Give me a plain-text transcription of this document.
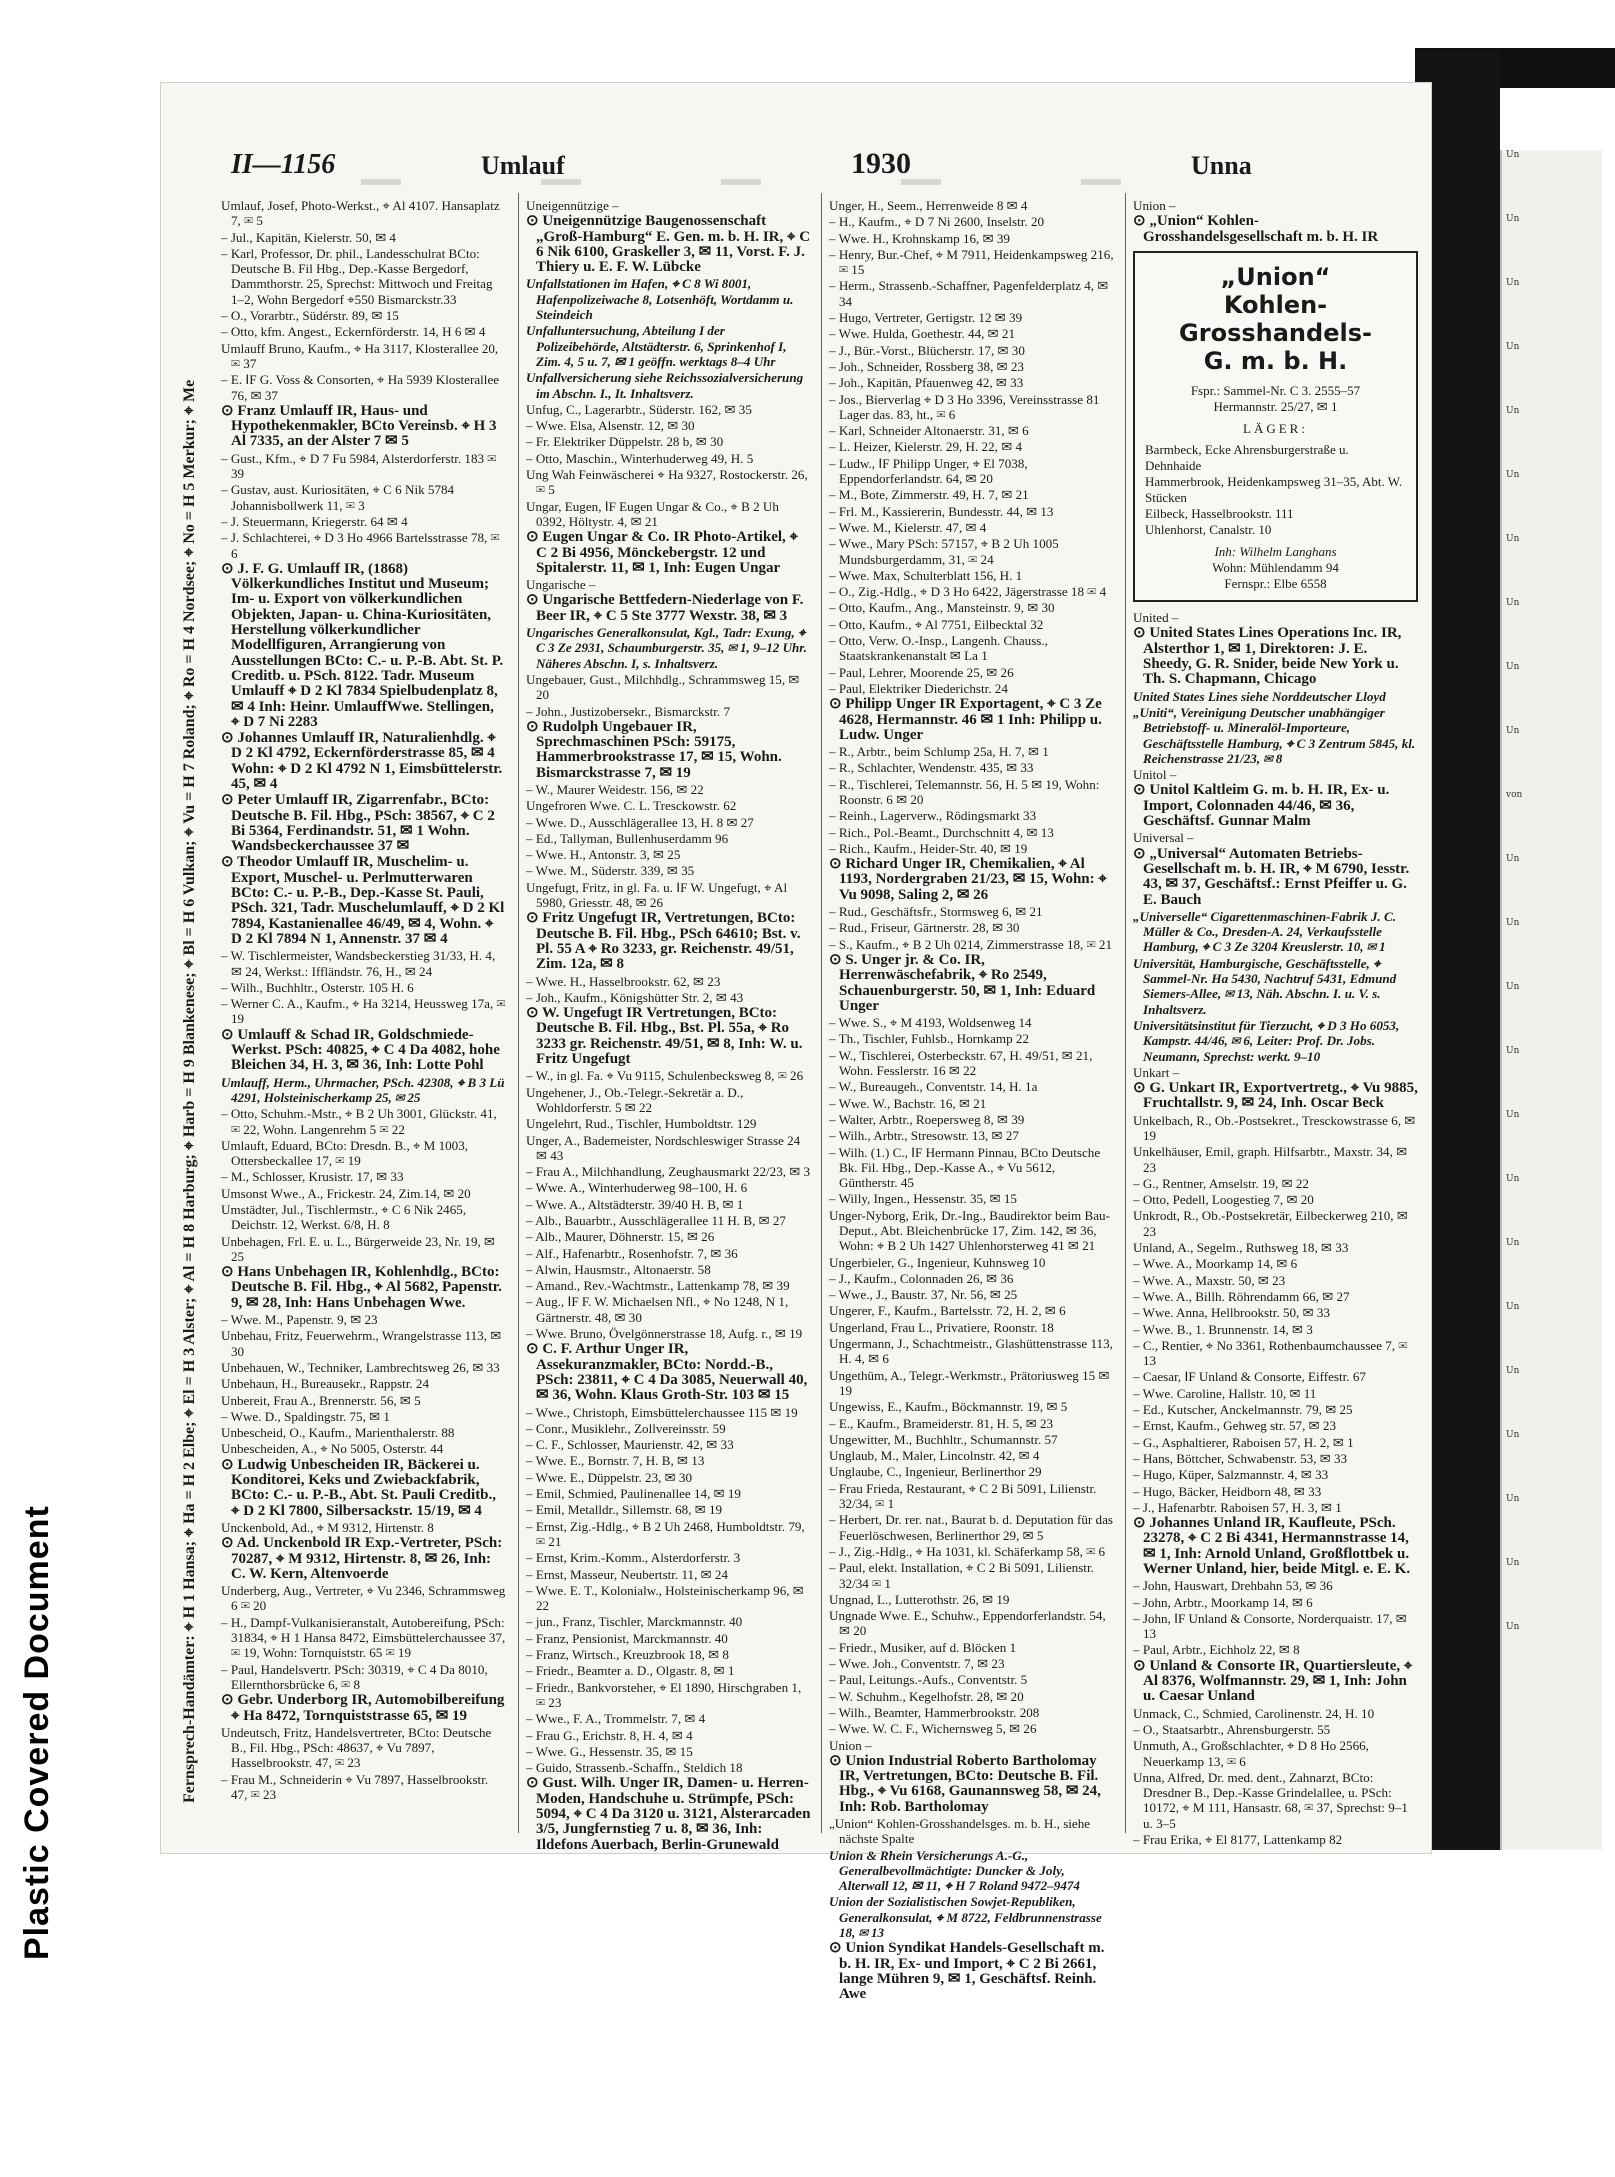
Un
Un
Un
Un
Un
Un
Un
Un
Un
Un
von
Un
Un
Un
Un
Un
Un
Un
Un
Un
Un
Un
Un
Un
II—1156	Umlauf	1930	Unna
Fernsprech-Handämter: ⌖ H 1 Hansa; ⌖ Ha = H 2 Elbe; ⌖ El = H 3 Alster; ⌖ Al = H 8 Harburg; ⌖ Harb = H 9 Blankenese; ⌖ Bl = H 6 Vulkan; ⌖ Vu = H 7 Roland; ⌖ Ro = H 4 Nordsee; ⌖ No = H 5 Merkur; ⌖ Me
Umlauf, Josef, Photo-Werkst., ⌖ Al 4107. Hansaplatz 7, ✉ 5
– Jul., Kapitän, Kielerstr. 50, ✉ 4
– Karl, Professor, Dr. phil., Landesschulrat BCto: Deutsche B. Fil Hbg., Dep.-Kasse Bergedorf, Dammthorstr. 25, Sprechst: Mittwoch und Freitag 1–2, Wohn Bergedorf ⌖550 Bismarckstr.33
– O., Vorarbtr., Südérstr. 89, ✉ 15
– Otto, kfm. Angest., Eckernförderstr. 14, H 6 ✉ 4
Umlauff Bruno, Kaufm., ⌖ Ha 3117, Klosterallee 20, ✉ 37
– E. ⅠF G. Voss & Consorten, ⌖ Ha 5939 Klosterallee 76, ✉ 37
⊙ Franz Umlauff IR, Haus- und Hypothekenmakler, BCto Vereinsb. ⌖ H 3 Al 7335, an der Alster 7 ✉ 5
– Gust., Kfm., ⌖ D 7 Fu 5984, Alsterdorferstr. 183 ✉ 39
– Gustav, aust. Kuriositäten, ⌖ C 6 Nik 5784 Johannisbollwerk 11, ✉ 3
– J. Steuermann, Kriegerstr. 64 ✉ 4
– J. Schlachterei, ⌖ D 3 Ho 4966 Bartelsstrasse 78, ✉ 6
⊙ J. F. G. Umlauff IR, (1868) Völkerkundliches Institut und Museum; Im- u. Export von völkerkundlichen Objekten, Japan- u. China-Kuriositäten, Herstellung völkerkundlicher Modellfiguren, Arrangierung von Ausstellungen BCto: C.- u. P.-B. Abt. St. P. Creditb. u. PSch. 8122. Tadr. Museum Umlauff ⌖ D 2 Kl 7834 Spielbudenplatz 8, ✉ 4 Inh: Heinr. UmlauffWwe. Stellingen, ⌖ D 7 Ni 2283
⊙ Johannes Umlauff IR, Naturalienhdlg. ⌖ D 2 Kl 4792, Eckernförderstrasse 85, ✉ 4 Wohn: ⌖ D 2 Kl 4792 N 1, Eimsbüttelerstr. 45, ✉ 4
⊙ Peter Umlauff IR, Zigarrenfabr., BCto: Deutsche B. Fil. Hbg., PSch: 38567, ⌖ C 2 Bi 5364, Ferdinandstr. 51, ✉ 1 Wohn. Wandsbeckerchaussee 37 ✉
⊙ Theodor Umlauff IR, Muschelim- u. Export, Muschel- u. Perlmutterwaren BCto: C.- u. P.-B., Dep.-Kasse St. Pauli, PSch. 321, Tadr. Muschelumlauff, ⌖ D 2 Kl 7894, Kastanienallee 46/49, ✉ 4, Wohn. ⌖ D 2 Kl 7894 N 1, Annenstr. 37 ✉ 4
– W. Tischlermeister, Wandsbeckerstieg 31/33, H. 4, ✉ 24, Werkst.: Iffländstr. 76, H., ✉ 24
– Wilh., Buchhltr., Osterstr. 105 H. 6
– Werner C. A., Kaufm., ⌖ Ha 3214, Heussweg 17a, ✉ 19
⊙ Umlauff & Schad IR, Goldschmiede-Werkst. PSch: 40825, ⌖ C 4 Da 4082, hohe Bleichen 34, H. 3, ✉ 36, Inh: Lotte Pohl
Umlauff, Herm., Uhrmacher, PSch. 42308, ⌖ B 3 Lü 4291, Holsteinischerkamp 25, ✉ 25
– Otto, Schuhm.-Mstr., ⌖ B 2 Uh 3001, Glückstr. 41, ✉ 22, Wohn. Langenrehm 5 ✉ 22
Umlauft, Eduard, BCto: Dresdn. B., ⌖ M 1003, Ottersbeckallee 17, ✉ 19
– M., Schlosser, Krusistr. 17, ✉ 33
Umsonst Wwe., A., Frickestr. 24, Zim.14, ✉ 20
Umstädter, Jul., Tischlermstr., ⌖ C 6 Nik 2465, Deichstr. 12, Werkst. 6/8, H. 8
Unbehagen, Frl. E. u. L., Bürgerweide 23, Nr. 19, ✉ 25
⊙ Hans Unbehagen IR, Kohlenhdlg., BCto: Deutsche B. Fil. Hbg., ⌖ Al 5682, Papenstr. 9, ✉ 28, Inh: Hans Unbehagen Wwe.
– Wwe. M., Papenstr. 9, ✉ 23
Unbehau, Fritz, Feuerwehrm., Wrangelstrasse 113, ✉ 30
Unbehauen, W., Techniker, Lambrechtsweg 26, ✉ 33
Unbehaun, H., Bureausekr., Rappstr. 24
Unbereit, Frau A., Brennerstr. 56, ✉ 5
– Wwe. D., Spaldingstr. 75, ✉ 1
Unbescheid, O., Kaufm., Marienthalerstr. 88
Unbescheiden, A., ⌖ No 5005, Osterstr. 44
⊙ Ludwig Unbescheiden IR, Bäckerei u. Konditorei, Keks und Zwiebackfabrik, BCto: C.- u. P.-B., Abt. St. Pauli Creditb., ⌖ D 2 Kl 7800, Silbersackstr. 15/19, ✉ 4
Unckenbold, Ad., ⌖ M 9312, Hirtenstr. 8
⊙ Ad. Unckenbold IR Exp.-Vertreter, PSch: 70287, ⌖ M 9312, Hirtenstr. 8, ✉ 26, Inh: C. W. Kern, Altenvoerde
Underberg, Aug., Vertreter, ⌖ Vu 2346, Schrammsweg 6 ✉ 20
– H., Dampf-Vulkanisieranstalt, Autobereifung, PSch: 31834, ⌖ H 1 Hansa 8472, Eimsbüttelerchaussee 37, ✉ 19, Wohn: Tornquiststr. 65 ✉ 19
– Paul, Handelsvertr. PSch: 30319, ⌖ C 4 Da 8010, Ellernthorsbrücke 6, ✉ 8
⊙ Gebr. Underborg IR, Automobilbereifung ⌖ Ha 8472, Tornquiststrasse 65, ✉ 19
Undeutsch, Fritz, Handelsvertreter, BCto: Deutsche B., Fil. Hbg., PSch: 48637, ⌖ Vu 7897, Hasselbrookstr. 47, ✉ 23
– Frau M., Schneiderin ⌖ Vu 7897, Hasselbrookstr. 47, ✉ 23
Uneigennützige –
⊙ Uneigennützige Baugenossenschaft „Groß-Hamburg“ E. Gen. m. b. H. IR, ⌖ C 6 Nik 6100, Graskeller 3, ✉ 11, Vorst. F. J. Thiery u. E. F. W. Lübcke
Unfallstationen im Hafen, ⌖ C 8 Wi 8001, Hafenpolizeiwache 8, Lotsenhöft, Wortdamm u. Steindeich
Unfalluntersuchung, Abteilung I der Polizeibehörde, Altstädterstr. 6, Sprinkenhof I, Zim. 4, 5 u. 7, ✉ 1 geöffn. werktags 8–4 Uhr
Unfallversicherung siehe Reichssozialversicherung im Abschn. I., It. Inhaltsverz.
Unfug, C., Lagerarbtr., Süderstr. 162, ✉ 35
– Wwe. Elsa, Alsenstr. 12, ✉ 30
– Fr. Elektriker Düppelstr. 28 b, ✉ 30
– Otto, Maschin., Winterhuderweg 49, H. 5
Ung Wah Feinwäscherei ⌖ Ha 9327, Rostockerstr. 26, ✉ 5
Ungar, Eugen, ⅠF Eugen Ungar & Co., ⌖ B 2 Uh 0392, Höltystr. 4, ✉ 21
⊙ Eugen Ungar & Co. IR Photo-Artikel, ⌖ C 2 Bi 4956, Mönckebergstr. 12 und Spitalerstr. 11, ✉ 1, Inh: Eugen Ungar
Ungarische –
⊙ Ungarische Bettfedern-Niederlage von F. Beer IR, ⌖ C 5 Ste 3777 Wexstr. 38, ✉ 3
Ungarisches Generalkonsulat, Kgl., Tadr: Exung, ⌖ C 3 Ze 2931, Schaumburgerstr. 35, ✉ 1, 9–12 Uhr. Näheres Abschn. I, s. Inhaltsverz.
Ungebauer, Gust., Milchhdlg., Schrammsweg 15, ✉ 20
– John., Justizobersekr., Bismarckstr. 7
⊙ Rudolph Ungebauer IR, Sprechmaschinen PSch: 59175, Hammerbrookstrasse 17, ✉ 15, Wohn. Bismarckstrasse 7, ✉ 19
– W., Maurer Weidestr. 156, ✉ 22
Ungefroren Wwe. C. L. Tresckowstr. 62
– Wwe. D., Ausschlägerallee 13, H. 8 ✉ 27
– Ed., Tallyman, Bullenhuserdamm 96
– Wwe. H., Antonstr. 3, ✉ 25
– Wwe. M., Süderstr. 339, ✉ 35
Ungefugt, Fritz, in gl. Fa. u. ⅠF W. Ungefugt, ⌖ Al 5980, Griesstr. 48, ✉ 26
⊙ Fritz Ungefugt IR, Vertretungen, BCto: Deutsche B. Fil. Hbg., PSch 64610; Bst. v. Pl. 55 A ⌖ Ro 3233, gr. Reichenstr. 49/51, Zim. 12a, ✉ 8
– Wwe. H., Hasselbrookstr. 62, ✉ 23
– Joh., Kaufm., Königshütter Str. 2, ✉ 43
⊙ W. Ungefugt IR Vertretungen, BCto: Deutsche B. Fil. Hbg., Bst. Pl. 55a, ⌖ Ro 3233 gr. Reichenstr. 49/51, ✉ 8, Inh: W. u. Fritz Ungefugt
– W., in gl. Fa. ⌖ Vu 9115, Schulenbecksweg 8, ✉ 26
Ungehener, J., Ob.-Telegr.-Sekretär a. D., Wohldorferstr. 5 ✉ 22
Ungelehrt, Rud., Tischler, Humboldtstr. 129
Unger, A., Bademeister, Nordschleswiger Strasse 24 ✉ 43
– Frau A., Milchhandlung, Zeughausmarkt 22/23, ✉ 3
– Wwe. A., Winterhuderweg 98–100, H. 6
– Wwe. A., Altstädterstr. 39/40 H. B, ✉ 1
– Alb., Bauarbtr., Ausschlägerallee 11 H. B, ✉ 27
– Alb., Maurer, Döhnerstr. 15, ✉ 26
– Alf., Hafenarbtr., Rosenhofstr. 7, ✉ 36
– Alwin, Hausmstr., Altonaerstr. 58
– Amand., Rev.-Wachtmstr., Lattenkamp 78, ✉ 39
– Aug., ⅠF F. W. Michaelsen Nfl., ⌖ No 1248, N 1, Gärtnerstr. 48, ✉ 30
– Wwe. Bruno, Övelgönnerstrasse 18, Aufg. r., ✉ 19
⊙ C. F. Arthur Unger IR, Assekuranzmakler, BCto: Nordd.-B., PSch: 23811, ⌖ C 4 Da 3085, Neuerwall 40, ✉ 36, Wohn. Klaus Groth-Str. 103 ✉ 15
– Wwe., Christoph, Eimsbüttelerchaussee 115 ✉ 19
– Conr., Musiklehr., Zollvereinsstr. 59
– C. F., Schlosser, Maurienstr. 42, ✉ 33
– Wwe. E., Bornstr. 7, H. B, ✉ 13
– Wwe. E., Düppelstr. 23, ✉ 30
– Emil, Schmied, Paulinenallee 14, ✉ 19
– Emil, Metalldr., Sillemstr. 68, ✉ 19
– Ernst, Zig.-Hdlg., ⌖ B 2 Uh 2468, Humboldtstr. 79, ✉ 21
– Ernst, Krim.-Komm., Alsterdorferstr. 3
– Ernst, Masseur, Neubertstr. 11, ✉ 24
– Wwe. E. T., Kolonialw., Holsteinischerkamp 96, ✉ 22
– jun., Franz, Tischler, Marckmannstr. 40
– Franz, Pensionist, Marckmannstr. 40
– Franz, Wirtsch., Kreuzbrook 18, ✉ 8
– Friedr., Beamter a. D., Olgastr. 8, ✉ 1
– Friedr., Bankvorsteher, ⌖ El 1890, Hirschgraben 1, ✉ 23
– Wwe., F. A., Trommelstr. 7, ✉ 4
– Frau G., Erichstr. 8, H. 4, ✉ 4
– Wwe. G., Hessenstr. 35, ✉ 15
– Guido, Strassenb.-Schaffn., Steldich 18
⊙ Gust. Wilh. Unger IR, Damen- u. Herren-Moden, Handschuhe u. Strümpfe, PSch: 5094, ⌖ C 4 Da 3120 u. 3121, Alsterarcaden 3/5, Jungfernstieg 7 u. 8, ✉ 36, Inh: Ildefons Auerbach, Berlin-Grunewald
Unger, H., Seem., Herrenweide 8 ✉ 4
– H., Kaufm., ⌖ D 7 Ni 2600, Inselstr. 20
– Wwe. H., Krohnskamp 16, ✉ 39
– Henry, Bur.-Chef, ⌖ M 7911, Heidenkampsweg 216, ✉ 15
– Herm., Strassenb.-Schaffner, Pagenfelderplatz 4, ✉ 34
– Hugo, Vertreter, Gertigstr. 12 ✉ 39
– Wwe. Hulda, Goethestr. 44, ✉ 21
– J., Bür.-Vorst., Blücherstr. 17, ✉ 30
– Joh., Schneider, Rossberg 38, ✉ 23
– Joh., Kapitän, Pfauenweg 42, ✉ 33
– Jos., Bierverlag ⌖ D 3 Ho 3396, Vereinsstrasse 81 Lager das. 83, ht., ✉ 6
– Karl, Schneider Altonaerstr. 31, ✉ 6
– L. Heizer, Kielerstr. 29, H. 22, ✉ 4
– Ludw., ⅠF Philipp Unger, ⌖ El 7038, Eppendorferlandstr. 64, ✉ 20
– M., Bote, Zimmerstr. 49, H. 7, ✉ 21
– Frl. M., Kassiererin, Bundesstr. 44, ✉ 13
– Wwe. M., Kielerstr. 47, ✉ 4
– Wwe., Mary PSch: 57157, ⌖ B 2 Uh 1005 Mundsburgerdamm, 31, ✉ 24
– Wwe. Max, Schulterblatt 156, H. 1
– O., Zig.-Hdlg., ⌖ D 3 Ho 6422, Jägerstrasse 18 ✉ 4
– Otto, Kaufm., Ang., Mansteinstr. 9, ✉ 30
– Otto, Kaufm., ⌖ Al 7751, Eilbecktal 32
– Otto, Verw. O.-Insp., Langenh. Chauss., Staatskrankenanstalt ✉ La 1
– Paul, Lehrer, Moorende 25, ✉ 26
– Paul, Elektriker Diederichstr. 24
⊙ Philipp Unger IR Exportagent, ⌖ C 3 Ze 4628, Hermannstr. 46 ✉ 1 Inh: Philipp u. Ludw. Unger
– R., Arbtr., beim Schlump 25a, H. 7, ✉ 1
– R., Schlachter, Wendenstr. 435, ✉ 33
– R., Tischlerei, Telemannstr. 56, H. 5 ✉ 19, Wohn: Roonstr. 6 ✉ 20
– Reinh., Lagerverw., Rödingsmarkt 33
– Rich., Pol.-Beamt., Durchschnitt 4, ✉ 13
– Rich., Kaufm., Heider-Str. 40, ✉ 19
⊙ Richard Unger IR, Chemikalien, ⌖ Al 1193, Nordergraben 21/23, ✉ 15, Wohn: ⌖ Vu 9098, Saling 2, ✉ 26
– Rud., Geschäftsfr., Stormsweg 6, ✉ 21
– Rud., Friseur, Gärtnerstr. 28, ✉ 30
– S., Kaufm., ⌖ B 2 Uh 0214, Zimmerstrasse 18, ✉ 21
⊙ S. Unger jr. & Co. IR, Herrenwäschefabrik, ⌖ Ro 2549, Schauenburgerstr. 50, ✉ 1, Inh: Eduard Unger
– Wwe. S., ⌖ M 4193, Woldsenweg 14
– Th., Tischler, Fuhlsb., Hornkamp 22
– W., Tischlerei, Osterbeckstr. 67, H. 49/51, ✉ 21, Wohn. Fesslerstr. 16 ✉ 22
– W., Bureaugeh., Conventstr. 14, H. 1a
– Wwe. W., Bachstr. 16, ✉ 21
– Walter, Arbtr., Roepersweg 8, ✉ 39
– Wilh., Arbtr., Stresowstr. 13, ✉ 27
– Wilh. (1.) C., ⅠF Hermann Pinnau, BCto Deutsche Bk. Fil. Hbg., Dep.-Kasse A., ⌖ Vu 5612, Güntherstr. 45
– Willy, Ingen., Hessenstr. 35, ✉ 15
Unger-Nyborg, Erik, Dr.-Ing., Baudirektor beim Bau-Deput., Abt. Bleichenbrücke 17, Zim. 142, ✉ 36, Wohn: ⌖ B 2 Uh 1427 Uhlenhorsterweg 41 ✉ 21
Ungerbieler, G., Ingenieur, Kuhnsweg 10
– J., Kaufm., Colonnaden 26, ✉ 36
– Wwe., J., Baustr. 37, Nr. 56, ✉ 25
Ungerer, F., Kaufm., Bartelsstr. 72, H. 2, ✉ 6
Ungerland, Frau L., Privatiere, Roonstr. 18
Ungermann, J., Schachtmeistr., Glashüttenstrasse 113, H. 4, ✉ 6
Ungethüm, A., Telegr.-Werkmstr., Prätoriusweg 15 ✉ 19
Ungewiss, E., Kaufm., Böckmannstr. 19, ✉ 5
– E., Kaufm., Brameiderstr. 81, H. 5, ✉ 23
Ungewitter, M., Buchhltr., Schumannstr. 57
Unglaub, M., Maler, Lincolnstr. 42, ✉ 4
Unglaube, C., Ingenieur, Berlinerthor 29
– Frau Frieda, Restaurant, ⌖ C 2 Bi 5091, Lilienstr. 32/34, ✉ 1
– Herbert, Dr. rer. nat., Baurat b. d. Deputation für das Feuerlöschwesen, Berlinerthor 29, ✉ 5
– J., Zig.-Hdlg., ⌖ Ha 1031, kl. Schäferkamp 58, ✉ 6
– Paul, elekt. Installation, ⌖ C 2 Bi 5091, Lilienstr. 32/34 ✉ 1
Ungnad, L., Lutterothstr. 26, ✉ 19
Ungnade Wwe. E., Schuhw., Eppendorferlandstr. 54, ✉ 20
– Friedr., Musiker, auf d. Blöcken 1
– Wwe. Joh., Conventstr. 7, ✉ 23
– Paul, Leitungs.-Aufs., Conventstr. 5
– W. Schuhm., Kegelhofstr. 28, ✉ 20
– Wilh., Beamter, Hammerbrookstr. 208
– Wwe. W. C. F., Wichernsweg 5, ✉ 26
Union –
⊙ Union Industrial Roberto Bartholomay IR, Vertretungen, BCto: Deutsche B. Fil. Hbg., ⌖ Vu 6168, Gaunannsweg 58, ✉ 24, Inh: Rob. Bartholomay
„Union“ Kohlen-Grosshandelsges. m. b. H., siehe nächste Spalte
Union & Rhein Versicherungs A.-G., Generalbevollmächtigte: Duncker & Joly, Alterwall 12, ✉ 11, ⌖ H 7 Roland 9472–9474
Union der Sozialistischen Sowjet-Republiken, Generalkonsulat, ⌖ M 8722, Feldbrunnenstrasse 18, ✉ 13
⊙ Union Syndikat Handels-Gesellschaft m. b. H. IR, Ex- und Import, ⌖ C 2 Bi 2661, lange Mühren 9, ✉ 1, Geschäftsf. Reinh. Awe
Union –
⊙ „Union“ Kohlen-Grosshandelsgesellschaft m. b. H. IR
„Union“
Kohlen-Grosshandels-
G. m. b. H.
Fspr.: Sammel-Nr. C 3. 2555–57
Hermannstr. 25/27, ✉ 1
LÄGER:
Barmbeck, Ecke Ahrensburgerstraße u. Dehnhaide
Hammerbrook, Heidenkampsweg 31–35, Abt. W. Stücken
Eilbeck, Hasselbrookstr. 111
Uhlenhorst, Canalstr. 10
Inh: Wilhelm Langhans
Wohn: Mühlendamm 94
Fernspr.: Elbe 6558
United –
⊙ United States Lines Operations Inc. IR, Alsterthor 1, ✉ 1, Direktoren: J. E. Sheedy, G. R. Snider, beide New York u. Th. S. Chapmann, Chicago
United States Lines siehe Norddeutscher Lloyd
„Uniti“, Vereinigung Deutscher unabhängiger Betriebstoff- u. Mineralöl-Importeure, Geschäftsstelle Hamburg, ⌖ C 3 Zentrum 5845, kl. Reichenstrasse 21/23, ✉ 8
Unitol –
⊙ Unitol Kaltleim G. m. b. H. IR, Ex- u. Import, Colonnaden 44/46, ✉ 36, Geschäftsf. Gunnar Malm
Universal –
⊙ „Universal“ Automaten Betriebs-Gesellschaft m. b. H. IR, ⌖ M 6790, Iesstr. 43, ✉ 37, Geschäftsf.: Ernst Pfeiffer u. G. E. Bauch
„Universelle“ Cigarettenmaschinen-Fabrik J. C. Müller & Co., Dresden-A. 24, Verkaufsstelle Hamburg, ⌖ C 3 Ze 3204 Kreuslerstr. 10, ✉ 1
Universität, Hamburgische, Geschäftsstelle, ⌖ Sammel-Nr. Ha 5430, Nachtruf 5431, Edmund Siemers-Allee, ✉ 13, Näh. Abschn. I. u. V. s. Inhaltsverz.
Universitätsinstitut für Tierzucht, ⌖ D 3 Ho 6053, Kampstr. 44/46, ✉ 6, Leiter: Prof. Dr. Jobs. Neumann, Sprechst: werkt. 9–10
Unkart –
⊙ G. Unkart IR, Exportvertretg., ⌖ Vu 9885, Fruchtallstr. 9, ✉ 24, Inh. Oscar Beck
Unkelbach, R., Ob.-Postsekret., Tresckowstrasse 6, ✉ 19
Unkelhäuser, Emil, graph. Hilfsarbtr., Maxstr. 34, ✉ 23
– G., Rentner, Amselstr. 19, ✉ 22
– Otto, Pedell, Loogestieg 7, ✉ 20
Unkrodt, R., Ob.-Postsekretär, Eilbeckerweg 210, ✉ 23
Unland, A., Segelm., Ruthsweg 18, ✉ 33
– Wwe. A., Moorkamp 14, ✉ 6
– Wwe. A., Maxstr. 50, ✉ 23
– Wwe. A., Billh. Röhrendamm 66, ✉ 27
– Wwe. Anna, Hellbrookstr. 50, ✉ 33
– Wwe. B., 1. Brunnenstr. 14, ✉ 3
– C., Rentier, ⌖ No 3361, Rothenbaumchaussee 7, ✉ 13
– Caesar, ⅠF Unland & Consorte, Eiffestr. 67
– Wwe. Caroline, Hallstr. 10, ✉ 11
– Ed., Kutscher, Anckelmannstr. 79, ✉ 25
– Ernst, Kaufm., Gehweg str. 57, ✉ 23
– G., Asphaltierer, Raboisen 57, H. 2, ✉ 1
– Hans, Böttcher, Schwabenstr. 53, ✉ 33
– Hugo, Küper, Salzmannstr. 4, ✉ 33
– Hugo, Bäcker, Heidborn 48, ✉ 33
– J., Hafenarbtr. Raboisen 57, H. 3, ✉ 1
⊙ Johannes Unland IR, Kaufleute, PSch. 23278, ⌖ C 2 Bi 4341, Hermannstrasse 14, ✉ 1, Inh: Arnold Unland, Großflottbek u. Werner Unland, hier, beide Mitgl. e. E. K.
– John, Hauswart, Drehbahn 53, ✉ 36
– John, Arbtr., Moorkamp 14, ✉ 6
– John, ⅠF Unland & Consorte, Norderquaistr. 17, ✉ 13
– Paul, Arbtr., Eichholz 22, ✉ 8
⊙ Unland & Consorte IR, Quartiersleute, ⌖ Al 8376, Wolfmannstr. 29, ✉ 1, Inh: John u. Caesar Unland
Unmack, C., Schmied, Carolinenstr. 24, H. 10
– O., Staatsarbtr., Ahrensburgerstr. 55
Unmuth, A., Großschlachter, ⌖ D 8 Ho 2566, Neuerkamp 13, ✉ 6
Unna, Alfred, Dr. med. dent., Zahnarzt, BCto: Dresdner B., Dep.-Kasse Grindelallee, u. PSch: 10172, ⌖ M 111, Hansastr. 68, ✉ 37, Sprechst: 9–1 u. 3–5
– Frau Erika, ⌖ El 8177, Lattenkamp 82
Plastic Covered Document
